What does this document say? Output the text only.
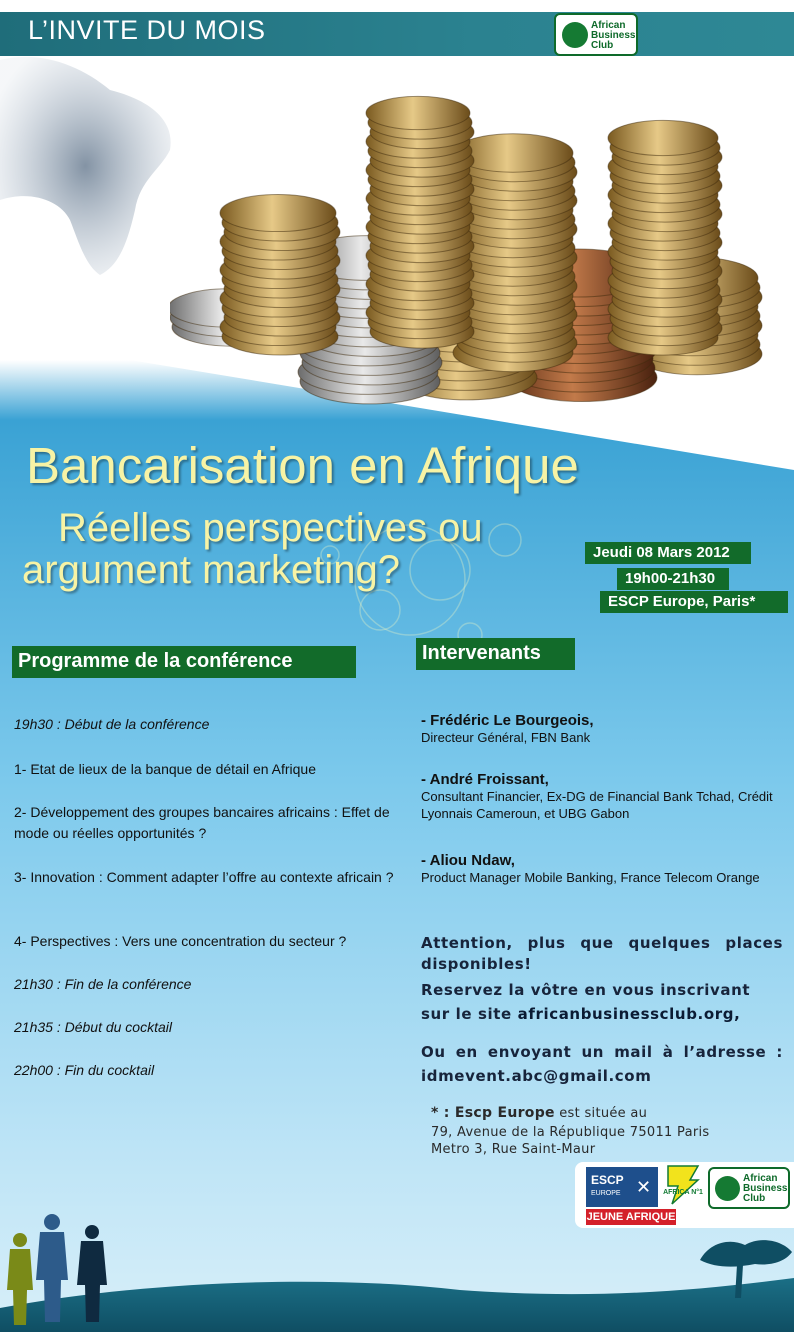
L’INVITE DU MOIS	African
Business
Club
Bancarisation en Afrique
Réelles perspectives ou
argument marketing?	Jeudi 08 Mars 2012
19h00-21h30
ESCP Europe, Paris*
Programme de la conférence	Intervenants
19h30 : Début de la conférence
1- Etat de lieux de la banque de détail en Afrique
2- Développement des groupes bancaires africains : Effet de mode ou réelles opportunités ?
3- Innovation : Comment adapter l’offre au contexte africain ?
4- Perspectives : Vers une concentration du secteur ?
21h30 : Fin de la conférence
21h35 : Début du cocktail
22h00 : Fin du cocktail
- Frédéric Le Bourgeois,
Directeur Général, FBN Bank
- André Froissant,
Consultant Financier, Ex-DG de Financial Bank Tchad, Crédit Lyonnais Cameroun, et UBG Gabon
- Aliou Ndaw,
Product Manager Mobile Banking, France Telecom Orange
Attention, plus que quelques places
disponibles!
Reservez la vôtre en vous inscrivant
sur le site africanbusinessclub.org,
Ou en envoyant un mail à l’adresse :
idmevent.abc@gmail.com
* : Escp Europe est située au
79, Avenue de la République 75011 Paris
Metro 3, Rue Saint-Maur
ESCP
EUROPE ✕
JEUNE AFRIQUE
AFRICA N°1
African
Business
Club
